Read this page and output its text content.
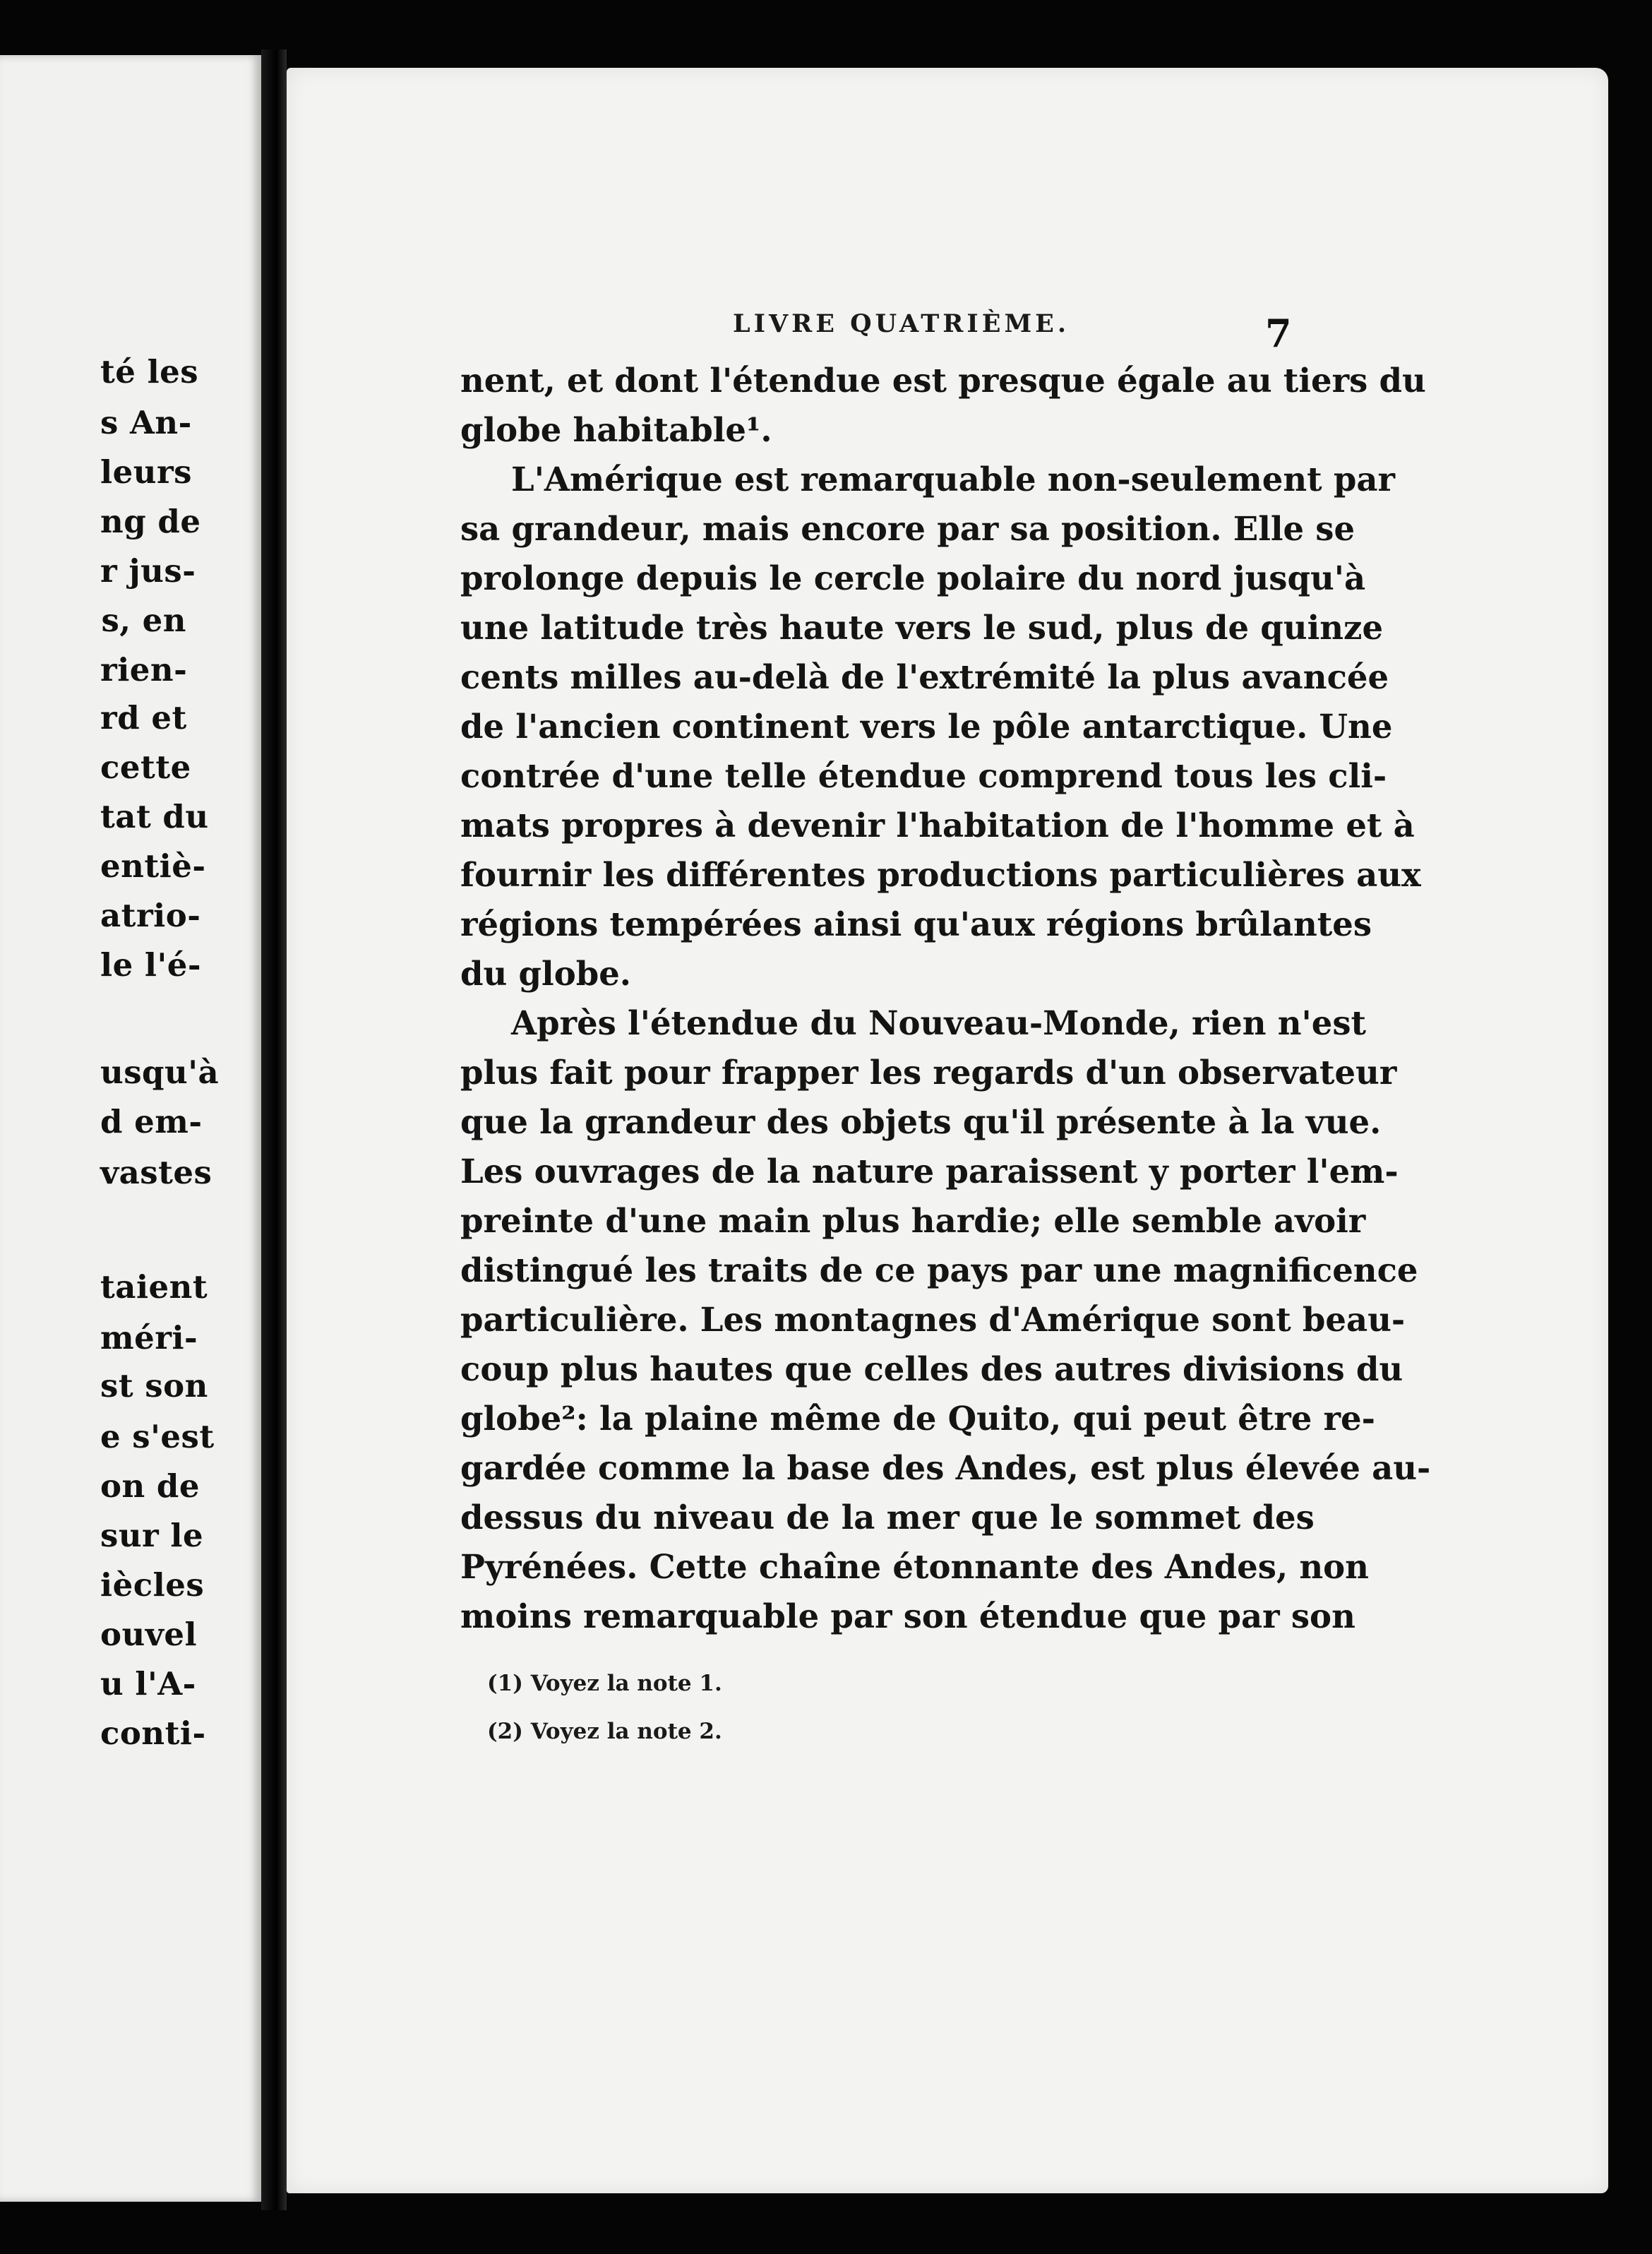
té les
s An-
leurs
ng de
r jus-
s, en
rien-
rd et
cette
tat du
entiè-
atrio-
le l'é-
usqu'à
d em-
vastes
taient
méri-
st son
e s'est
on de
sur le
iècles
ouvel
u l'A-
conti-
LIVRE QUATRIÈME.	7
nent, et dont l'étendue est presque égale au tiers du
globe habitable¹.
L'Amérique est remarquable non-seulement par
sa grandeur, mais encore par sa position. Elle se
prolonge depuis le cercle polaire du nord jusqu'à
une latitude très haute vers le sud, plus de quinze
cents milles au-delà de l'extrémité la plus avancée
de l'ancien continent vers le pôle antarctique. Une
contrée d'une telle étendue comprend tous les cli-
mats propres à devenir l'habitation de l'homme et à
fournir les différentes productions particulières aux
régions tempérées ainsi qu'aux régions brûlantes
du globe.
Après l'étendue du Nouveau-Monde, rien n'est
plus fait pour frapper les regards d'un observateur
que la grandeur des objets qu'il présente à la vue.
Les ouvrages de la nature paraissent y porter l'em-
preinte d'une main plus hardie; elle semble avoir
distingué les traits de ce pays par une magnificence
particulière. Les montagnes d'Amérique sont beau-
coup plus hautes que celles des autres divisions du
globe²: la plaine même de Quito, qui peut être re-
gardée comme la base des Andes, est plus élevée au-
dessus du niveau de la mer que le sommet des
Pyrénées. Cette chaîne étonnante des Andes, non
moins remarquable par son étendue que par son
(1) Voyez la note 1.
(2) Voyez la note 2.
